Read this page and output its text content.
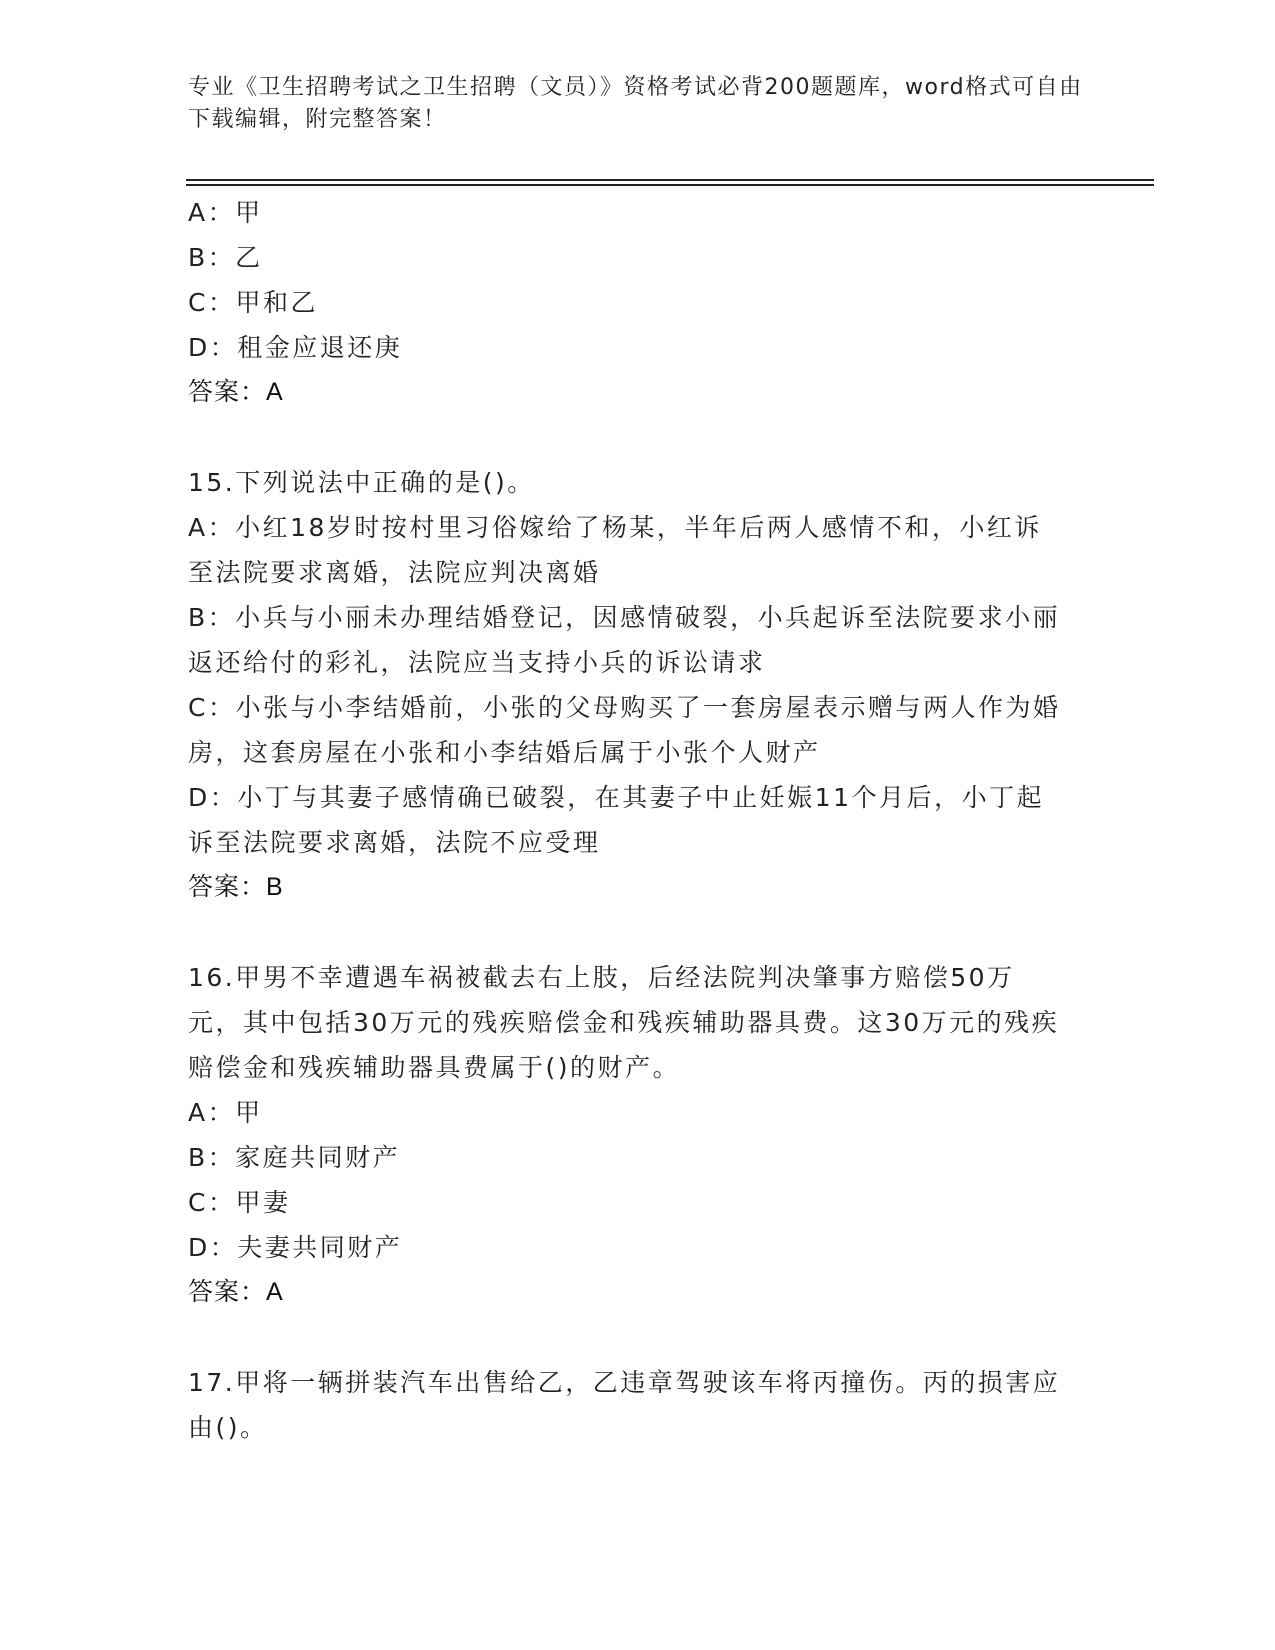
专业《卫生招聘考试之卫生招聘（文员）》资格考试必背200题题库，word格式可自由下载编辑，附完整答案！
A：甲
B：乙
C：甲和乙
D：租金应退还庚
答案：A
15.下列说法中正确的是()。
A：小红18岁时按村里习俗嫁给了杨某，半年后两人感情不和，小红诉至法院要求离婚，法院应判决离婚
B：小兵与小丽未办理结婚登记，因感情破裂，小兵起诉至法院要求小丽返还给付的彩礼，法院应当支持小兵的诉讼请求
C：小张与小李结婚前，小张的父母购买了一套房屋表示赠与两人作为婚房，这套房屋在小张和小李结婚后属于小张个人财产
D：小丁与其妻子感情确已破裂，在其妻子中止妊娠11个月后，小丁起诉至法院要求离婚，法院不应受理
答案：B
16.甲男不幸遭遇车祸被截去右上肢，后经法院判决肇事方赔偿50万元，其中包括30万元的残疾赔偿金和残疾辅助器具费。这30万元的残疾赔偿金和残疾辅助器具费属于()的财产。
A：甲
B：家庭共同财产
C：甲妻
D：夫妻共同财产
答案：A
17.甲将一辆拼装汽车出售给乙，乙违章驾驶该车将丙撞伤。丙的损害应由()。
